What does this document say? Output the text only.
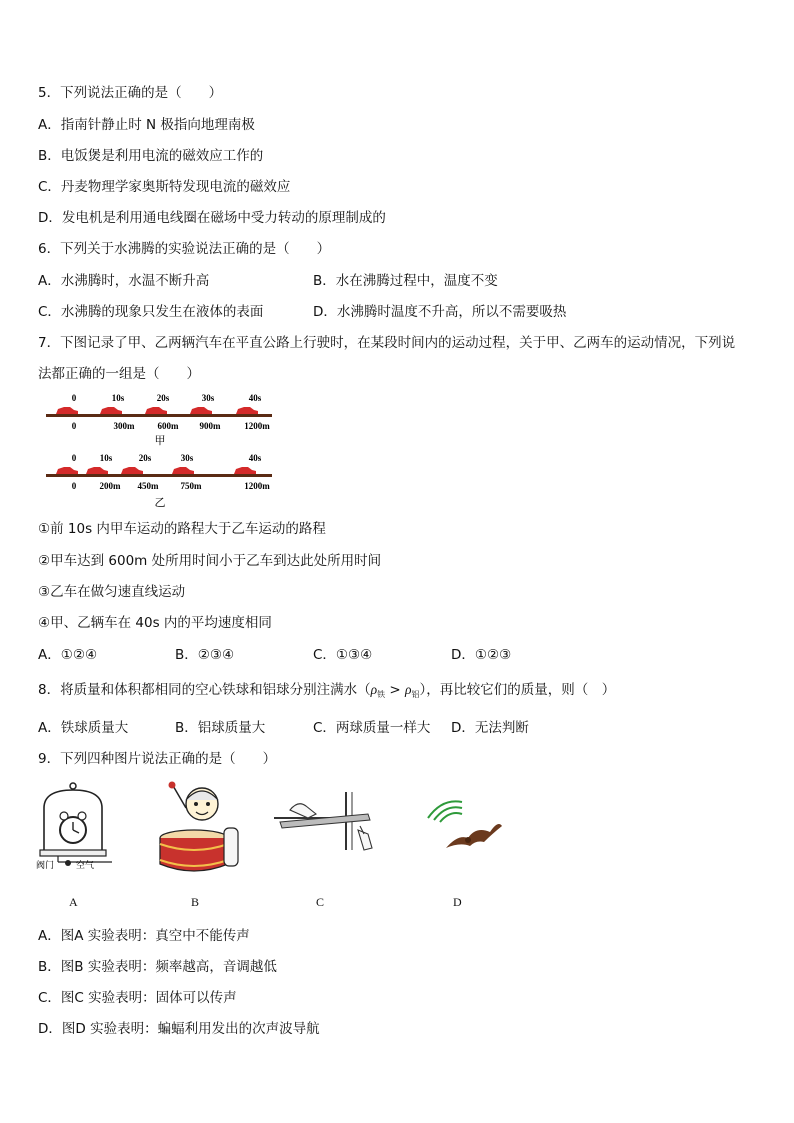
5．下列说法正确的是（　　）
A．指南针静止时 N 极指向地理南极
B．电饭煲是利用电流的磁效应工作的
C．丹麦物理学家奥斯特发现电流的磁效应
D．发电机是利用通电线圈在磁场中受力转动的原理制成的
6．下列关于水沸腾的实验说法正确的是（　　）
A．水沸腾时，水温不断升高	B．水在沸腾过程中，温度不变
C．水沸腾的现象只发生在液体的表面	D．水沸腾时温度不升高，所以不需要吸热
7．下图记录了甲、乙两辆汽车在平直公路上行驶时，在某段时间内的运动过程，关于甲、乙两车的运动情况，下列说
法都正确的一组是（　　）
0	10s	20s	30s	40s
0	300m	600m 900m	1200m
甲
0	10s	20s	30s	40s
0	200m 450m 750m	1200m
乙
①前 10s 内甲车运动的路程大于乙车运动的路程
②甲车达到 600m 处所用时间小于乙车到达此处所用时间
③乙车在做匀速直线运动
④甲、乙辆车在 40s 内的平均速度相同
A．①②④	B．②③④	C．①③④	D．①②③
8．将质量和体积都相同的空心铁球和铝球分别注满水$(\rho_铁 > \rho_铝)$，再比较它们的质量，则（　）
A．铁球质量大	B．铝球质量大	C．两球质量一样大 D．无法判断
9．下列四种图片说法正确的是（　　）
阀门 空气
A	B	C	D
A．图A 实验表明：真空中不能传声
B．图B 实验表明：频率越高，音调越低
C．图C 实验表明：固体可以传声
D．图D 实验表明：蝙蝠利用发出的次声波导航
